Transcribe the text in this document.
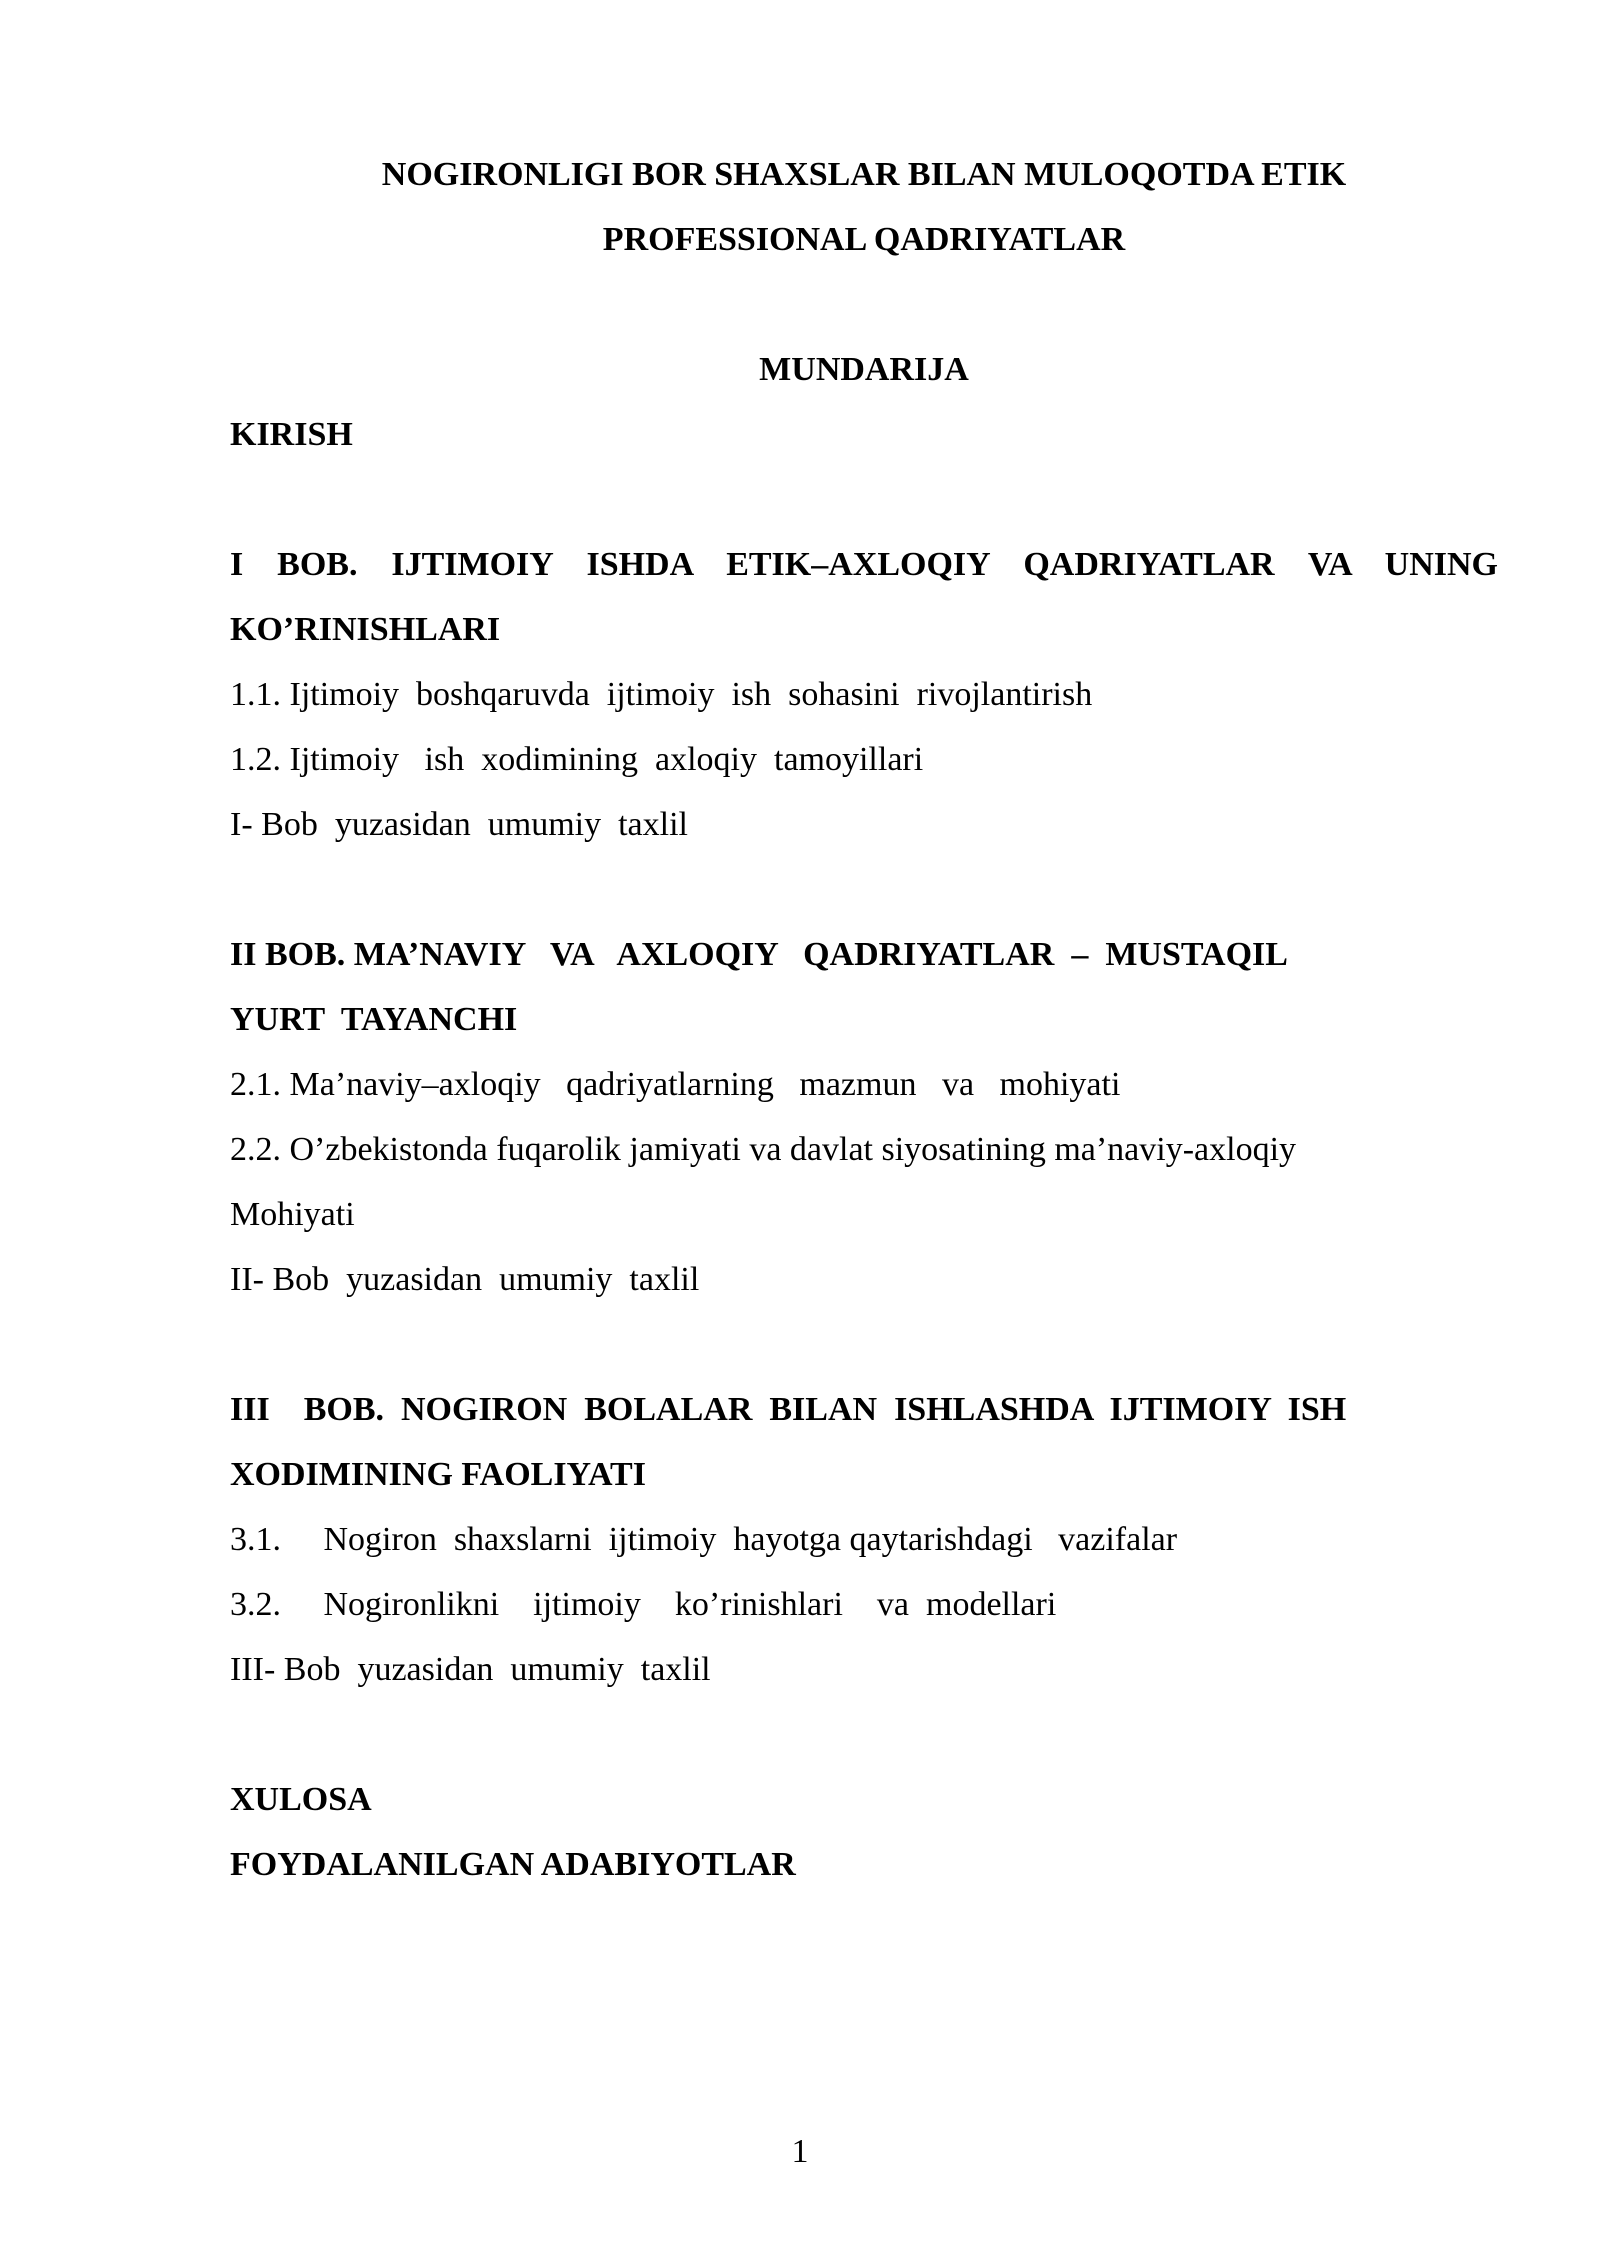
NOGIRONLIGI BOR SHAXSLAR BILAN MULOQOTDA ETIK
PROFESSIONAL QADRIYATLAR
MUNDARIJA
KIRISH
I BOB. IJTIMOIY ISHDA ETIK–AXLOQIY QADRIYATLAR VA UNING
KO’RINISHLARI
1.1. Ijtimoiy  boshqaruvda  ijtimoiy  ish  sohasini  rivojlantirish
1.2. Ijtimoiy   ish  xodimining  axloqiy  tamoyillari
I- Bob  yuzasidan  umumiy  taxlil
II BOB. MA’NAVIY   VA   AXLOQIY   QADRIYATLAR  –  MUSTAQIL
YURT  TAYANCHI
2.1. Ma’naviy–axloqiy   qadriyatlarning   mazmun   va   mohiyati
2.2. O’zbekistonda fuqarolik jamiyati va davlat siyosatining ma’naviy-axloqiy
Mohiyati
II- Bob  yuzasidan  umumiy  taxlil
III    BOB.  NOGIRON  BOLALAR  BILAN  ISHLASHDA  IJTIMOIY  ISH
XODIMINING FAOLIYATI
3.1.     Nogiron  shaxslarni  ijtimoiy  hayotga qaytarishdagi   vazifalar
3.2.     Nogironlikni    ijtimoiy    ko’rinishlari    va  modellari
III- Bob  yuzasidan  umumiy  taxlil
XULOSA
FOYDALANILGAN ADABIYOTLAR
1
